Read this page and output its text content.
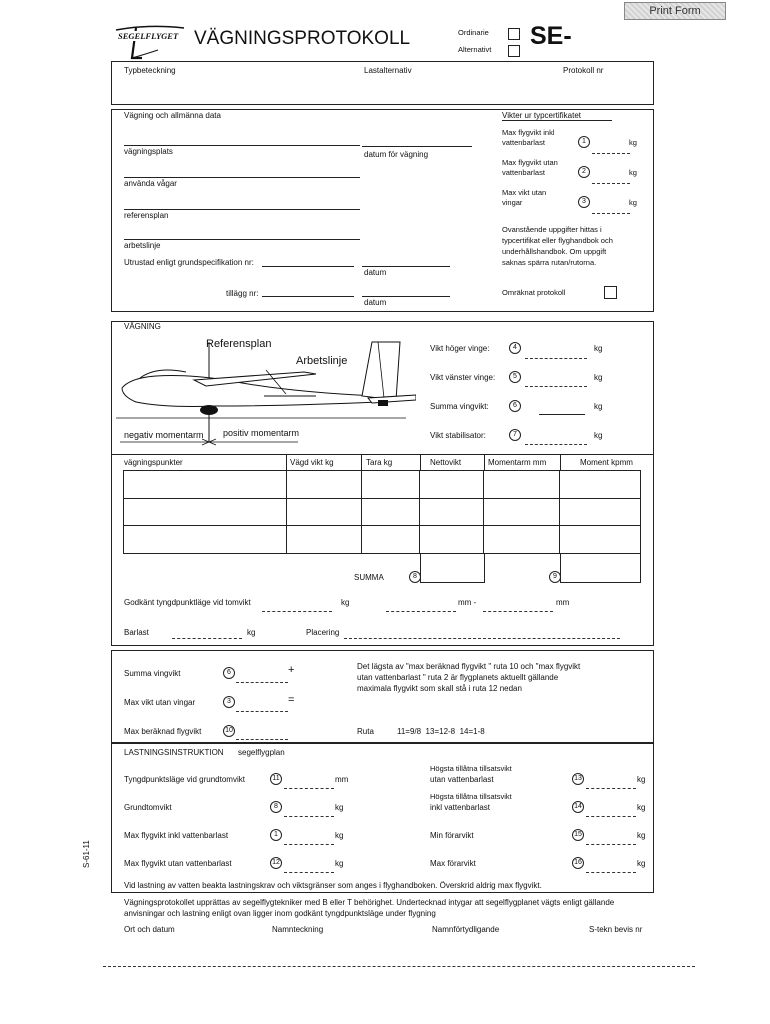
Print Form
SEGELFLYGET VÄGNINGSPROTOKOLL	Ordinarie
Alternativt SE-
Typbeteckning	Lastalternativ	Protokoll nr
Vägning och allmänna data
vägningsplats	datum för vägning
använda vågar
referensplan
arbetslinje
Utrustad enligt grundspecifikation nr:
datum
tillägg nr:
datum
Vikter ur typcertifikatet
Max flygvikt inkl
vattenbarlast	1	kg
Max flygvikt utan
vattenbarlast	2	kg
Max vikt utan
vingar	3	kg
Ovanstående uppgifter hittas i
typcertifikat eller flyghandbok och
underhållshandbok. Om uppgift
saknas spärra rutan/rutorna.
Omräknat protokoll
VÄGNING
Referensplan
Arbetslinje
negativ momentarm positiv momentarm
Vikt höger vinge:	4	kg
Vikt vänster vinge:	5	kg
Summa vingvikt:	6	kg
Vikt stabilisator:	7	kg
vägningspunkter	Vägd vikt kg	Tara kg	Nettovikt	Momentarm mm	Moment kpmm

SUMMA	8	9
Godkänt tyngdpunktläge vid tomvikt	kg	mm -	mm
Barlast	kg	Placering
Summa vingvikt	6	+
Max vikt utan vingar	3	=
Max beräknad flygvikt	10
Det lägsta av "max beräknad flygvikt " ruta 10 och "max flygvikt
utan vattenbarlast " ruta 2 är flygplanets aktuellt gällande
maximala flygvikt som skall stå i ruta 12 nedan
Ruta	11=9/8  13=12-8  14=1-8
LASTNINGSINSTRUKTION segelflygplan
Tyngdpunktsläge vid grundtomvikt	11	mm
Grundtomvikt	8	kg
Max flygvikt inkl vattenbarlast	1	kg
Max flygvikt utan vattenbarlast	12	kg
Högsta tillåtna tillsatsvikt
utan vattenbarlast	13	kg
Högsta tillåtna tillsatsvikt
inkl vattenbarlast	14	kg
Min förarvikt	15	kg
Max förarvikt	16	kg
Vid lastning av vatten beakta lastningskrav och viktsgränser som anges i flyghandboken. Överskrid aldrig max flygvikt.
S-61-11
Vägningsprotokollet upprättas av segelflygtekniker med B eller T behörighet. Undertecknad intygar att segelflygplanet vägts enligt gällande
anvisningar och lastning enligt ovan ligger inom godkänt tyngdpunktsläge under flygning
Ort och datum	Namnteckning	Namnförtydligande	S-tekn bevis nr
